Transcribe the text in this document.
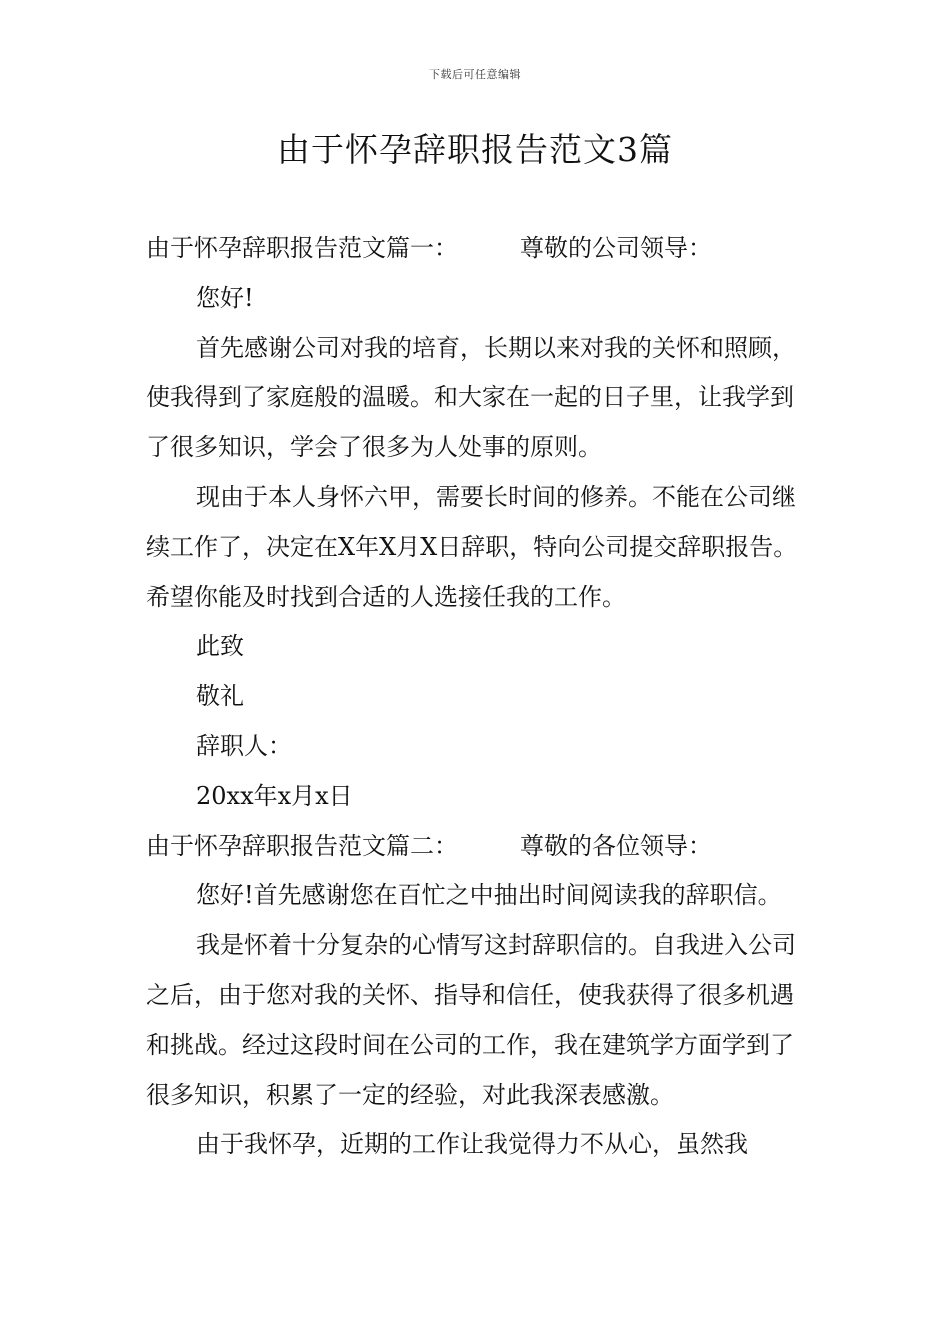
下载后可任意编辑
由于怀孕辞职报告范文3篇

由于怀孕辞职报告范文篇一：	尊敬的公司领导：

您好!

首先感谢公司对我的培育，长期以来对我的关怀和照顾，使我得到了家庭般的温暖。和大家在一起的日子里，让我学到了很多知识，学会了很多为人处事的原则。

现由于本人身怀六甲，需要长时间的修养。不能在公司继续工作了，决定在X年X月X日辞职，特向公司提交辞职报告。 希望你能及时找到合适的人选接任我的工作。

此致

敬礼

辞职人：

20xx年x月x日

由于怀孕辞职报告范文篇二：	尊敬的各位领导：

您好!首先感谢您在百忙之中抽出时间阅读我的辞职信。

我是怀着十分复杂的心情写这封辞职信的。自我进入公司之后，由于您对我的关怀、指导和信任，使我获得了很多机遇和挑战。经过这段时间在公司的工作，我在建筑学方面学到了很多知识，积累了一定的经验，对此我深表感激。

由于我怀孕，近期的工作让我觉得力不从心，虽然我
